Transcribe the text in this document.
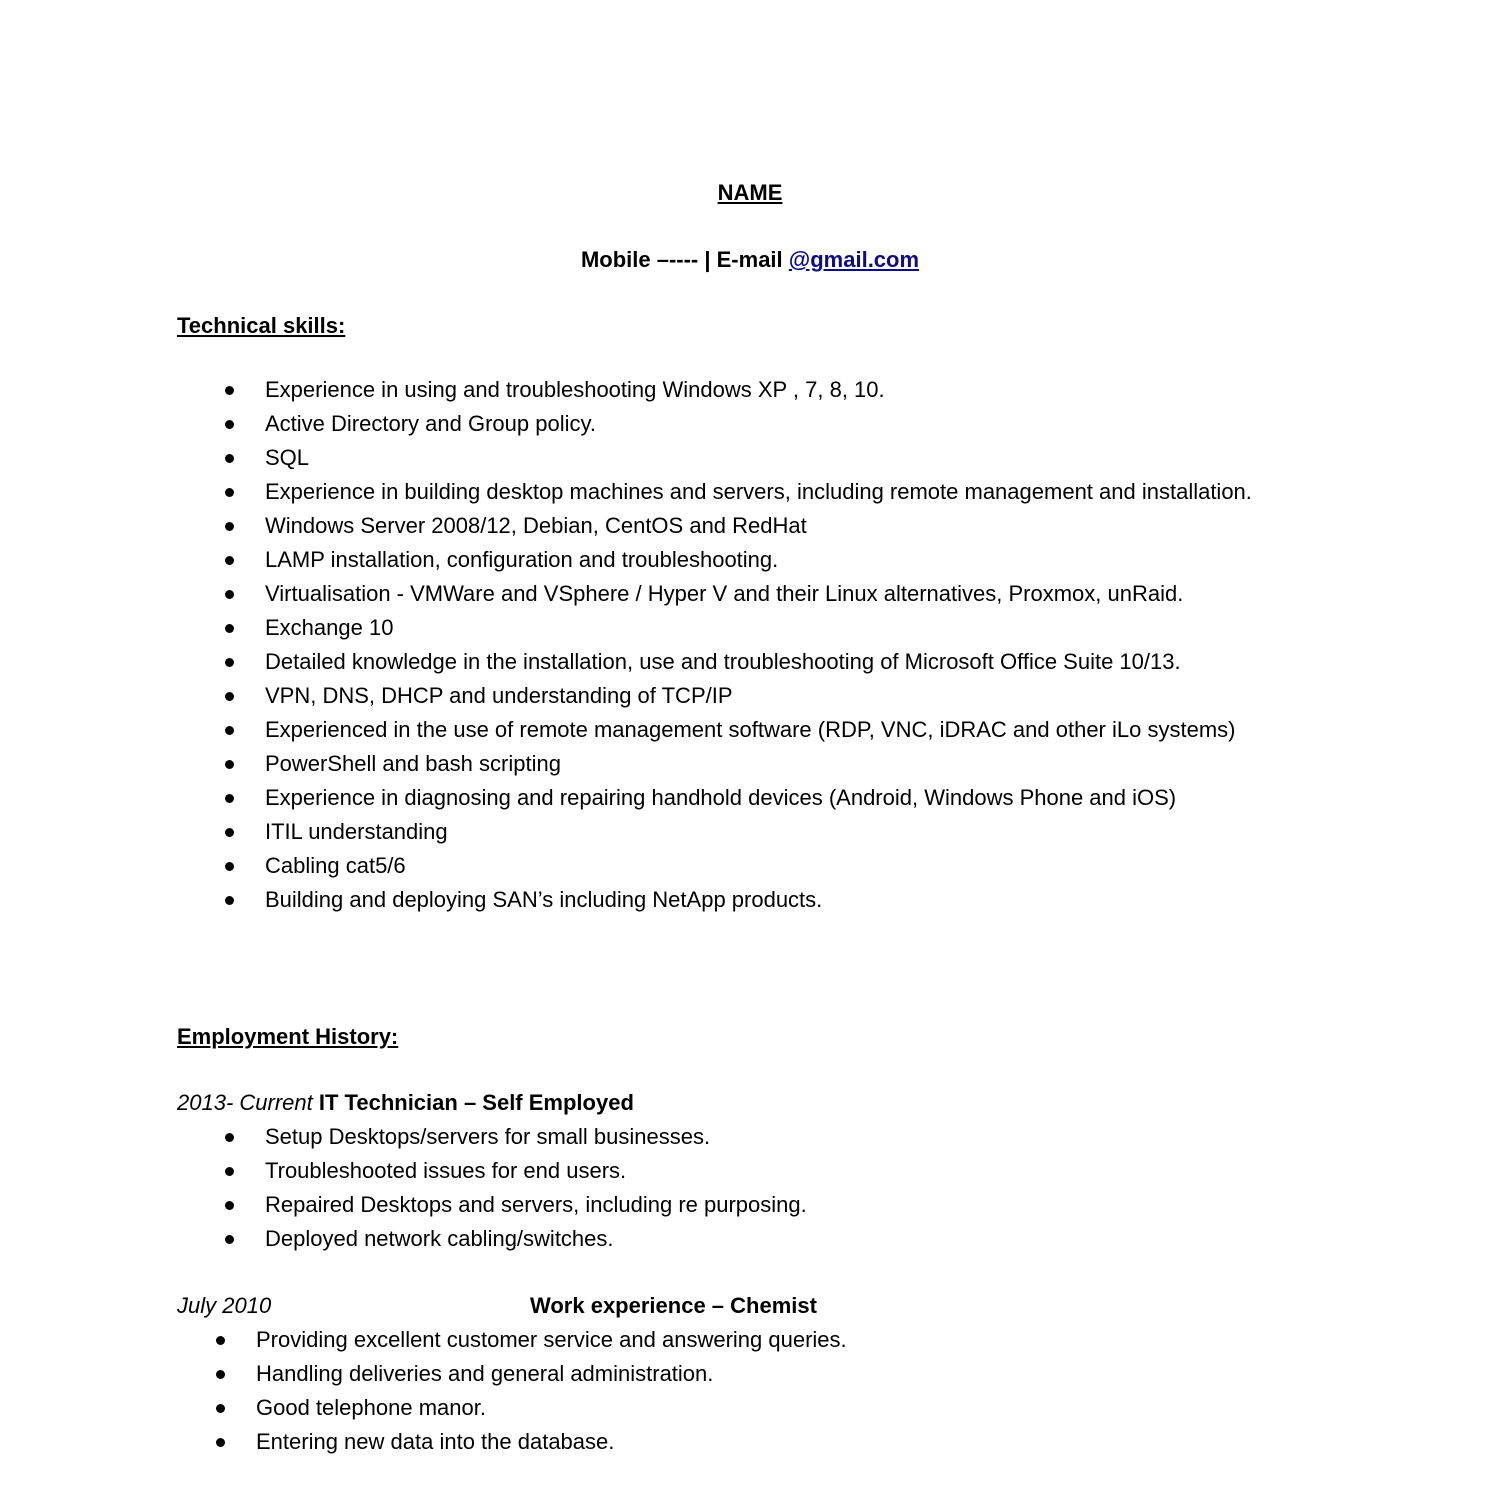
NAME
Mobile –---- | E-mail @gmail.com
Technical skills:
Experience in using and troubleshooting Windows XP , 7, 8, 10.
Active Directory and Group policy.
SQL
Experience in building desktop machines and servers, including remote management and installation.
Windows Server 2008/12, Debian, CentOS and RedHat
LAMP installation, configuration and troubleshooting.
Virtualisation - VMWare and VSphere / Hyper V and their Linux alternatives, Proxmox, unRaid.
Exchange 10
Detailed knowledge in the installation, use and troubleshooting of Microsoft Office Suite 10/13.
VPN, DNS, DHCP and understanding of TCP/IP
Experienced in the use of remote management software (RDP, VNC, iDRAC and other iLo systems)
PowerShell and bash scripting
Experience in diagnosing and repairing handhold devices (Android, Windows Phone and iOS)
ITIL understanding
Cabling cat5/6
Building and deploying SAN’s including NetApp products.
Employment History:
2013- Current IT Technician – Self Employed
Setup Desktops/servers for small businesses.
Troubleshooted issues for end users.
Repaired Desktops and servers, including re purposing.
Deployed network cabling/switches.
July 2010	Work experience – Chemist
Providing excellent customer service and answering queries.
Handling deliveries and general administration.
Good telephone manor.
Entering new data into the database.
